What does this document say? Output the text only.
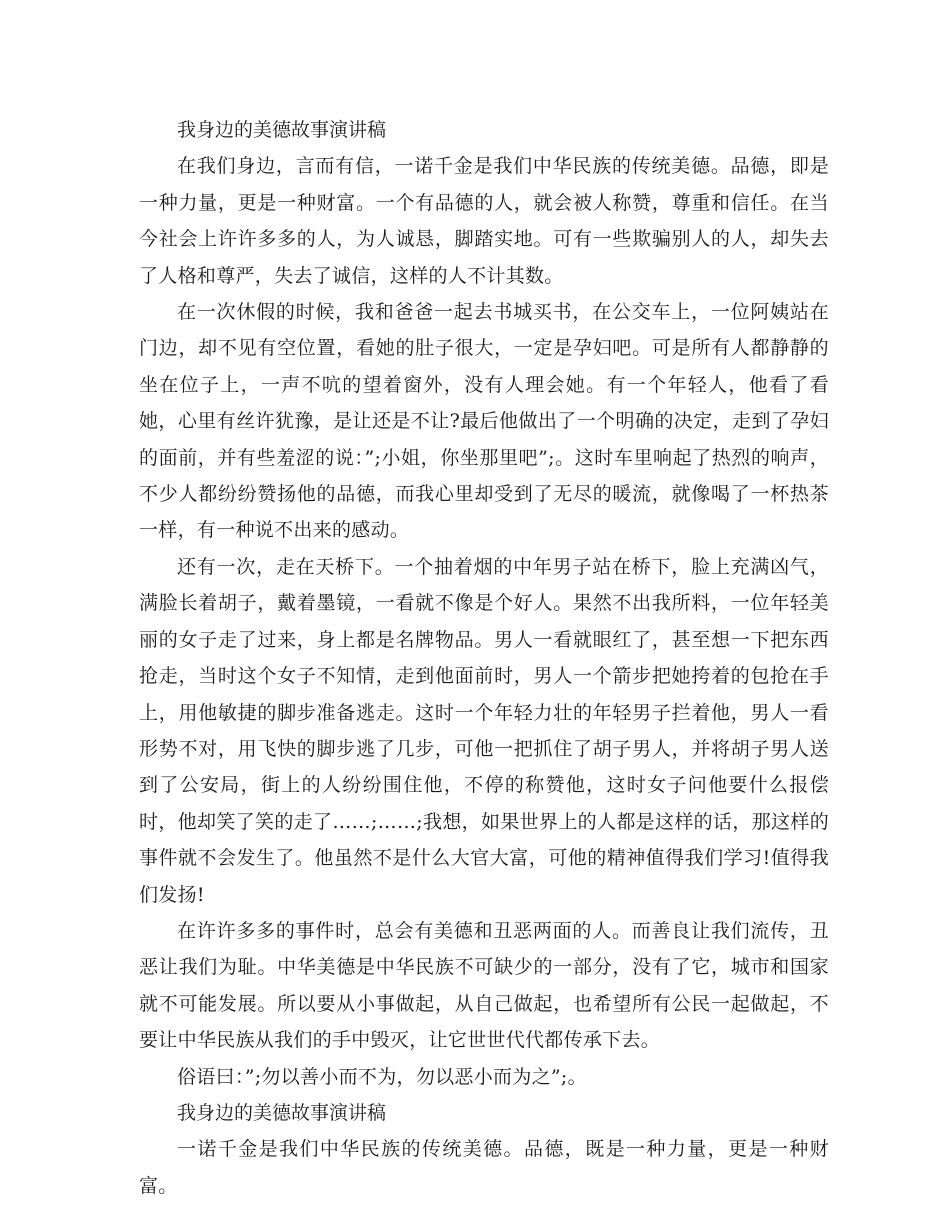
我身边的美德故事演讲稿

在我们身边，言而有信，一诺千金是我们中华民族的传统美德。品德，即是一种力量，更是一种财富。一个有品德的人，就会被人称赞，尊重和信任。在当今社会上许许多多的人，为人诚恳，脚踏实地。可有一些欺骗别人的人，却失去了人格和尊严，失去了诚信，这样的人不计其数。

在一次休假的时候，我和爸爸一起去书城买书，在公交车上，一位阿姨站在门边，却不见有空位置，看她的肚子很大，一定是孕妇吧。可是所有人都静静的坐在位子上，一声不吭的望着窗外，没有人理会她。有一个年轻人，他看了看她，心里有丝许犹豫，是让还是不让?最后他做出了一个明确的决定，走到了孕妇的面前，并有些羞涩的说：”;小姐，你坐那里吧”;。这时车里响起了热烈的响声，不少人都纷纷赞扬他的品德，而我心里却受到了无尽的暖流，就像喝了一杯热茶一样，有一种说不出来的感动。

还有一次，走在天桥下。一个抽着烟的中年男子站在桥下，脸上充满凶气，满脸长着胡子，戴着墨镜，一看就不像是个好人。果然不出我所料，一位年轻美丽的女子走了过来，身上都是名牌物品。男人一看就眼红了，甚至想一下把东西抢走，当时这个女子不知情，走到他面前时，男人一个箭步把她挎着的包抢在手上，用他敏捷的脚步准备逃走。这时一个年轻力壮的年轻男子拦着他，男人一看形势不对，用飞快的脚步逃了几步，可他一把抓住了胡子男人，并将胡子男人送到了公安局，街上的人纷纷围住他，不停的称赞他，这时女子问他要什么报偿时，他却笑了笑的走了……;……;我想，如果世界上的人都是这样的话，那这样的事件就不会发生了。他虽然不是什么大官大富，可他的精神值得我们学习!值得我们发扬!

在许许多多的事件时，总会有美德和丑恶两面的人。而善良让我们流传，丑恶让我们为耻。中华美德是中华民族不可缺少的一部分，没有了它，城市和国家就不可能发展。所以要从小事做起，从自己做起，也希望所有公民一起做起，不要让中华民族从我们的手中毁灭，让它世世代代都传承下去。

俗语曰：”;勿以善小而不为，勿以恶小而为之”;。

我身边的美德故事演讲稿

一诺千金是我们中华民族的传统美德。品德，既是一种力量，更是一种财富。
